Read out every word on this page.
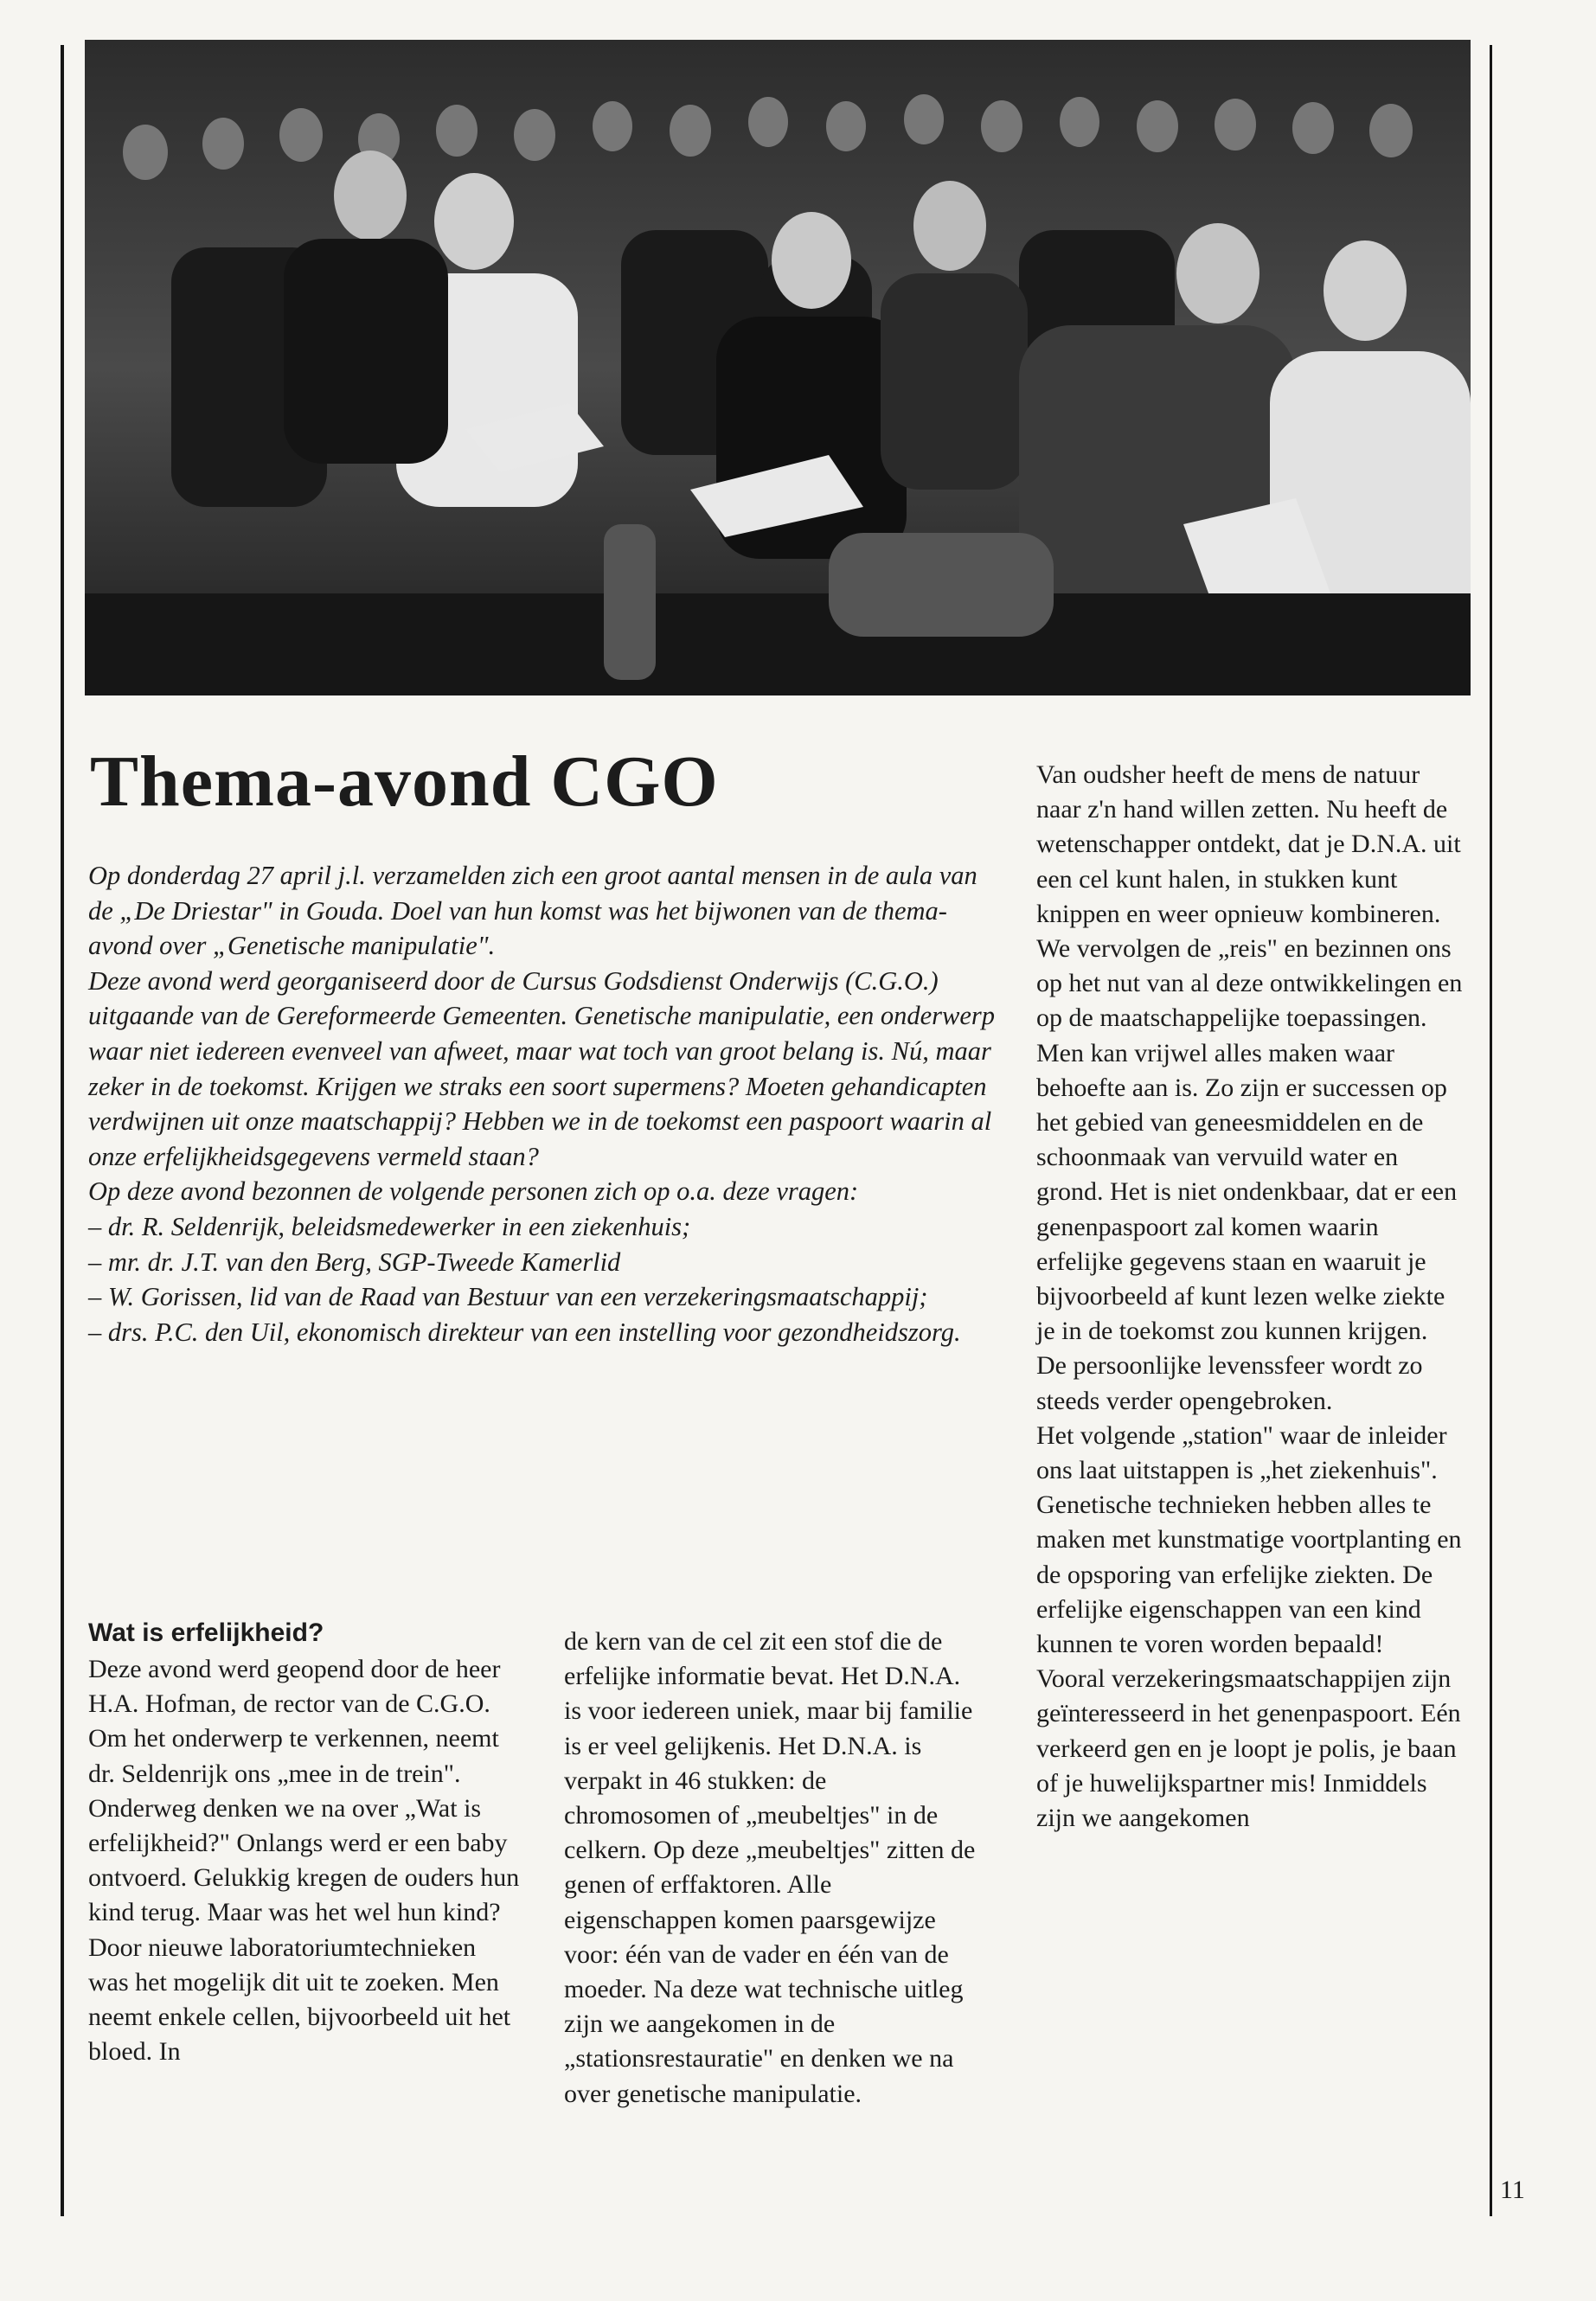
Thema-avond CGO

Op donderdag 27 april j.l. verzamelden zich een groot aantal mensen in de aula van de „De Driestar" in Gouda. Doel van hun komst was het bijwonen van de thema-avond over „Genetische manipulatie".

Deze avond werd georganiseerd door de Cursus Godsdienst Onderwijs (C.G.O.) uitgaande van de Gereformeerde Gemeenten. Genetische manipulatie, een onderwerp waar niet iedereen evenveel van afweet, maar wat toch van groot belang is. Nú, maar zeker in de toekomst. Krijgen we straks een soort supermens? Moeten gehandicapten verdwijnen uit onze maatschappij? Hebben we in de toekomst een paspoort waarin al onze erfelijkheidsgegevens vermeld staan?

Op deze avond bezonnen de volgende personen zich op o.a. deze vragen:

– dr. R. Seldenrijk, beleidsmedewerker in een ziekenhuis;
– mr. dr. J.T. van den Berg, SGP-Tweede Kamerlid
– W. Gorissen, lid van de Raad van Bestuur van een verzekeringsmaatschappij;
– drs. P.C. den Uil, ekonomisch direkteur van een instelling voor gezondheidszorg.
Wat is erfelijkheid?

Deze avond werd geopend door de heer H.A. Hofman, de rector van de C.G.O.

Om het onderwerp te verkennen, neemt dr. Seldenrijk ons „mee in de trein".

Onderweg denken we na over „Wat is erfelijkheid?" Onlangs werd er een baby ontvoerd. Gelukkig kregen de ouders hun kind terug. Maar was het wel hun kind? Door nieuwe laboratoriumtechnieken was het mogelijk dit uit te zoeken. Men neemt enkele cellen, bijvoorbeeld uit het bloed. In

de kern van de cel zit een stof die de erfelijke informatie bevat. Het D.N.A. is voor iedereen uniek, maar bij familie is er veel gelijkenis. Het D.N.A. is verpakt in 46 stukken: de chromosomen of „meubeltjes" in de celkern. Op deze „meubeltjes" zitten de genen of erffaktoren. Alle eigenschappen komen paarsgewijze voor: één van de vader en één van de moeder. Na deze wat technische uitleg zijn we aangekomen in de „stationsrestauratie" en denken we na over genetische manipulatie.

Van oudsher heeft de mens de natuur naar z'n hand willen zetten. Nu heeft de wetenschapper ontdekt, dat je D.N.A. uit een cel kunt halen, in stukken kunt knippen en weer opnieuw kombineren.

We vervolgen de „reis" en bezinnen ons op het nut van al deze ontwikkelingen en op de maatschappelijke toepassingen. Men kan vrijwel alles maken waar behoefte aan is. Zo zijn er successen op het gebied van geneesmiddelen en de schoonmaak van vervuild water en grond. Het is niet ondenkbaar, dat er een genenpaspoort zal komen waarin erfelijke gegevens staan en waaruit je bijvoorbeeld af kunt lezen welke ziekte je in de toekomst zou kunnen krijgen.

De persoonlijke levenssfeer wordt zo steeds verder opengebroken.

Het volgende „station" waar de inleider ons laat uitstappen is „het ziekenhuis".

Genetische technieken hebben alles te maken met kunstmatige voortplanting en de opsporing van erfelijke ziekten. De erfelijke eigenschappen van een kind kunnen te voren worden bepaald!

Vooral verzekeringsmaatschappijen zijn geïnteresseerd in het genenpaspoort. Eén verkeerd gen en je loopt je polis, je baan of je huwelijkspartner mis! Inmiddels zijn we aangekomen

11
